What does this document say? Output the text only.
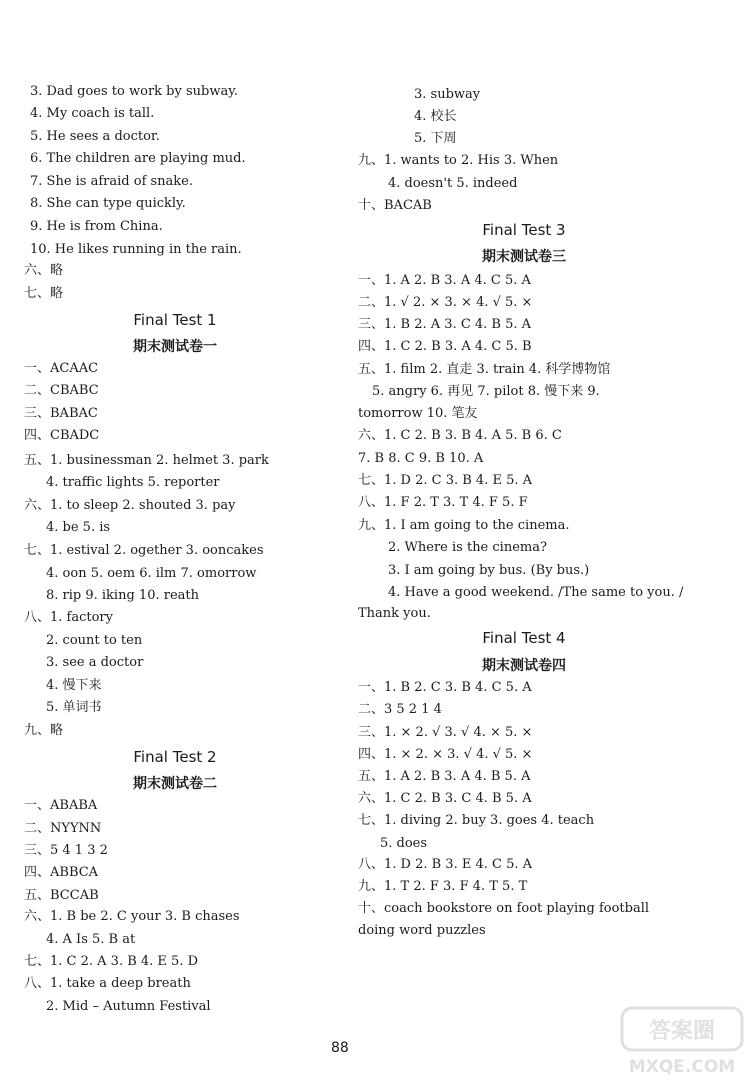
3. Dad goes to work by subway.
4. My coach is tall.
5. He sees a doctor.
6. The children are playing mud.
7. She is afraid of snake.
8. She can type quickly.
9. He is from China.
10. He likes running in the rain.
六、略
七、略
Final Test 1
期末测试卷一
一、ACAAC
二、CBABC
三、BABAC
四、CBADC
五、1. businessman 2. helmet 3. park
4. traffic lights 5. reporter
六、1. to sleep 2. shouted 3. pay
4. be 5. is
七、1. estival 2. ogether 3. ooncakes
4. oon 5. oem 6. ilm 7. omorrow
8. rip 9. iking 10. reath
八、1. factory
2. count to ten
3. see a doctor
4. 慢下来
5. 单词书
九、略
Final Test 2
期末测试卷二
一、ABABA
二、NYYNN
三、5 4 1 3 2
四、ABBCA
五、BCCAB
六、1. B be 2. C your 3. B chases
4. A Is 5. B at
七、1. C 2. A 3. B 4. E 5. D
八、1. take a deep breath
2. Mid – Autumn Festival
3. subway
4. 校长
5. 下周
九、1. wants to 2. His 3. When
4. doesn't 5. indeed
十、BACAB
Final Test 3
期末测试卷三
一、1. A 2. B 3. A 4. C 5. A
二、1. √ 2. × 3. × 4. √ 5. ×
三、1. B 2. A 3. C 4. B 5. A
四、1. C 2. B 3. A 4. C 5. B
五、1. film 2. 直走 3. train 4. 科学博物馆
5. angry 6. 再见 7. pilot 8. 慢下来 9.
tomorrow 10. 笔友
六、1. C 2. B 3. B 4. A 5. B 6. C
7. B 8. C 9. B 10. A
七、1. D 2. C 3. B 4. E 5. A
八、1. F 2. T 3. T 4. F 5. F
九、1. I am going to the cinema.
2. Where is the cinema?
3. I am going by bus. (By bus.)
4. Have a good weekend. /The same to you. /
Thank you.
Final Test 4
期末测试卷四
一、1. B 2. C 3. B 4. C 5. A
二、3 5 2 1 4
三、1. × 2. √ 3. √ 4. × 5. ×
四、1. × 2. × 3. √ 4. √ 5. ×
五、1. A 2. B 3. A 4. B 5. A
六、1. C 2. B 3. C 4. B 5. A
七、1. diving 2. buy 3. goes 4. teach
5. does
八、1. D 2. B 3. E 4. C 5. A
九、1. T 2. F 3. F 4. T 5. T
十、coach bookstore on foot playing football
doing word puzzles
88
答案圈
MXQE.COM
